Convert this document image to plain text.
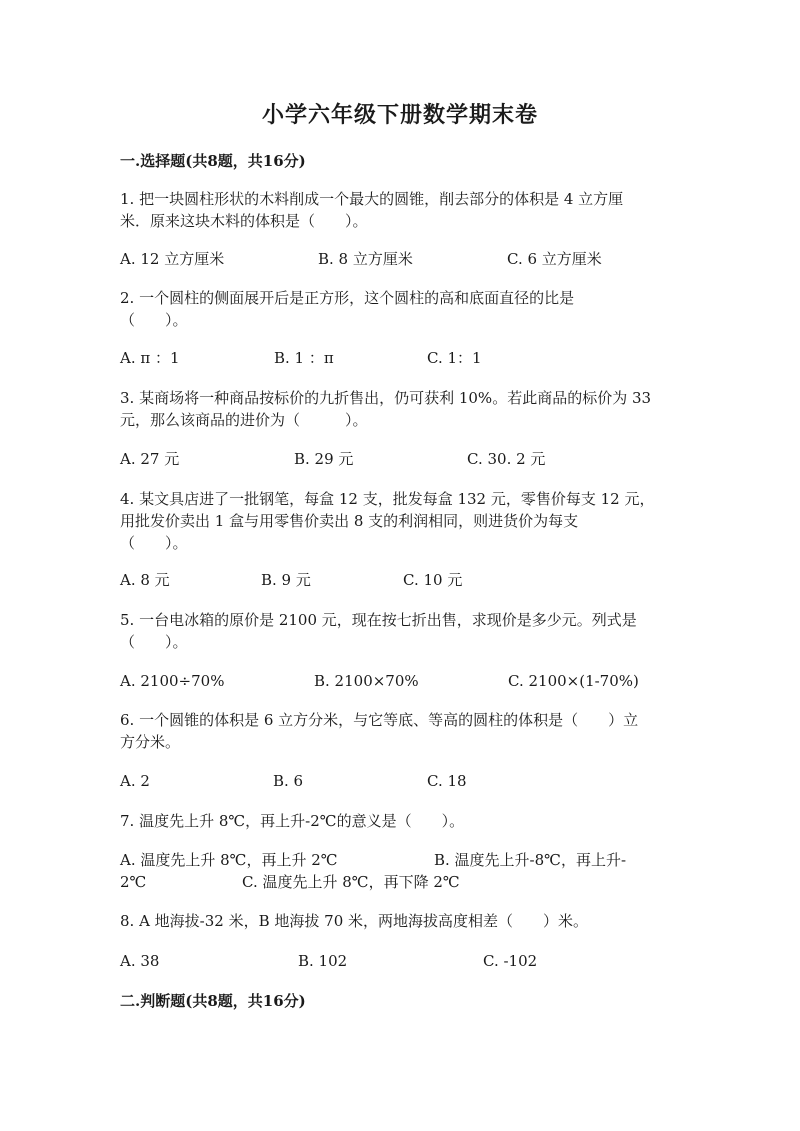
小学六年级下册数学期末卷
一.选择题(共8题，共16分)
1. 把一块圆柱形状的木料削成一个最大的圆锥，削去部分的体积是 4 立方厘
米．原来这块木料的体积是（　　）。
A. 12 立方厘米	B. 8 立方厘米	C. 6 立方厘米
2. 一个圆柱的侧面展开后是正方形，这个圆柱的高和底面直径的比是
（　　）。
A. π ：1	B. 1 ：π	C. 1：1
3. 某商场将一种商品按标价的九折售出，仍可获利 10%。若此商品的标价为 33
元，那么该商品的进价为（　　　）。
A. 27 元	B. 29 元	C. 30. 2 元
4. 某文具店进了一批钢笔，每盒 12 支，批发每盒 132 元，零售价每支 12 元，
用批发价卖出 1 盒与用零售价卖出 8 支的利润相同，则进货价为每支
（　　）。
A. 8 元	B. 9 元	C. 10 元
5. 一台电冰箱的原价是 2100 元，现在按七折出售，求现价是多少元。列式是
（　　）。
A. 2100÷70%	B. 2100×70%	C. 2100×(1-70%)
6. 一个圆锥的体积是 6 立方分米，与它等底、等高的圆柱的体积是（　　）立
方分米。
A. 2	B. 6	C. 18
7. 温度先上升 8℃，再上升-2℃的意义是（　　）。
A. 温度先上升 8℃，再上升 2℃	B. 温度先上升-8℃，再上升-
2℃	C. 温度先上升 8℃，再下降 2℃
8. A 地海拔-32 米，B 地海拔 70 米，两地海拔高度相差（　　）米。
A. 38	B. 102	C. -102
二.判断题(共8题，共16分)
